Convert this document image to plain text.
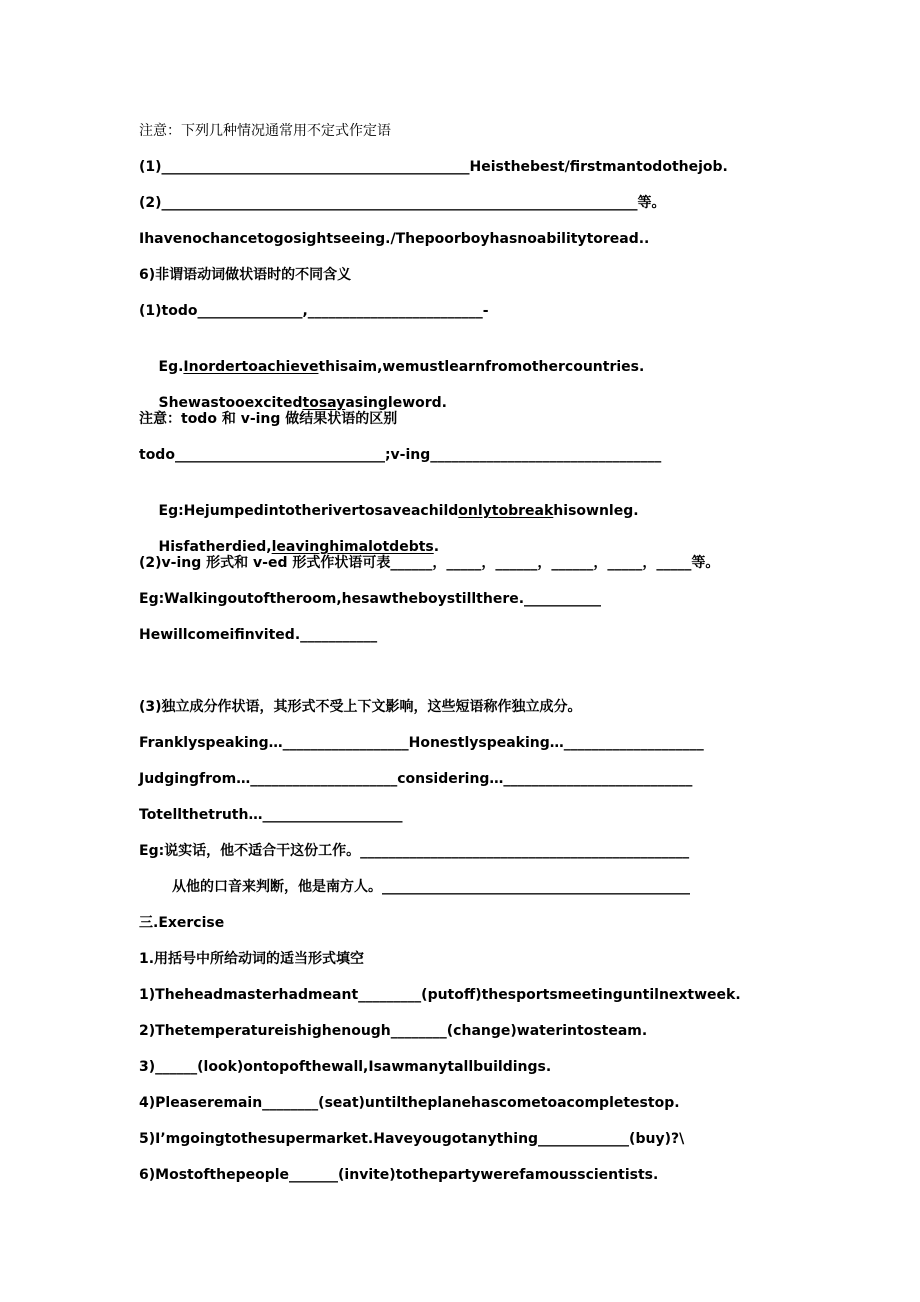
注意：下列几种情况通常用不定式作定语
(1)____________________________________________Heisthebest/firstmantodothejob.
(2)____________________________________________________________________等。
Ihavenochancetogosightseeing./Thepoorboyhasnoabilitytoread..
6)非谓语动词做状语时的不同含义
(1)todo_______________,_________________________-

Eg.Inordertoachievethisaim,wemustlearnfromothercountries.

Shewastooexcitedtosayasingleword.

注意：todo 和 v-ing 做结果状语的区别
todo______________________________;v-ing_________________________________

Eg:Hejumpedintotherivertosaveachildonlytobreakhisownleg.

Hisfatherdied,leavinghimalotdebts.

(2)v-ing 形式和 v-ed 形式作状语可表______，_____，______，______，_____，_____等。
Eg:Walkingoutoftheroom,hesawtheboystillthere.___________
Hewillcomeifinvited.___________
(3)独立成分作状语，其形式不受上下文影响，这些短语称作独立成分。
Franklyspeaking…__________________Honestlyspeaking…____________________
Judgingfrom…_____________________considering…___________________________
Totellthetruth…____________________
Eg:说实话，他不适合干这份工作。_______________________________________________
从他的口音来判断，他是南方人。____________________________________________
三.Exercise
1.用括号中所给动词的适当形式填空
1)Theheadmasterhadmeant_________(putoff)thesportsmeetinguntilnextweek.
2)Thetemperatureishighenough________(change)waterintosteam.
3)______(look)ontopofthewall,Isawmanytallbuildings.
4)Pleaseremain________(seat)untiltheplanehascometoacompletestop.
5)I’mgoingtothesupermarket.Haveyougotanything_____________(buy)?\
6)Mostofthepeople_______(invite)tothepartywerefamousscientists.
